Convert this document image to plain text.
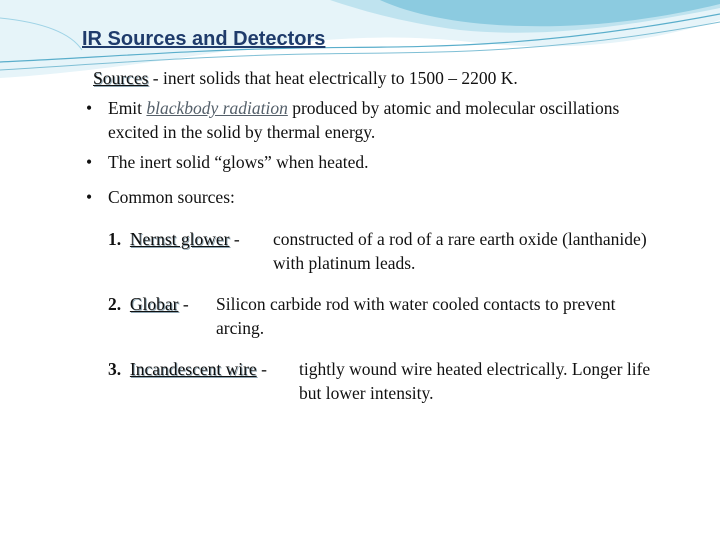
IR Sources and Detectors
Sources - inert solids that heat electrically to 1500 – 2200 K.
• Emit blackbody radiation produced by atomic and molecular oscillations
excited in the solid by thermal energy.
• The inert solid “glows” when heated.
• Common sources:
1. Nernst glower - constructed of a rod of a rare earth oxide (lanthanide)
with platinum leads.
2. Globar - Silicon carbide rod with water cooled contacts to prevent
arcing.
3. Incandescent wire - tightly wound wire heated electrically. Longer life
but lower intensity.
